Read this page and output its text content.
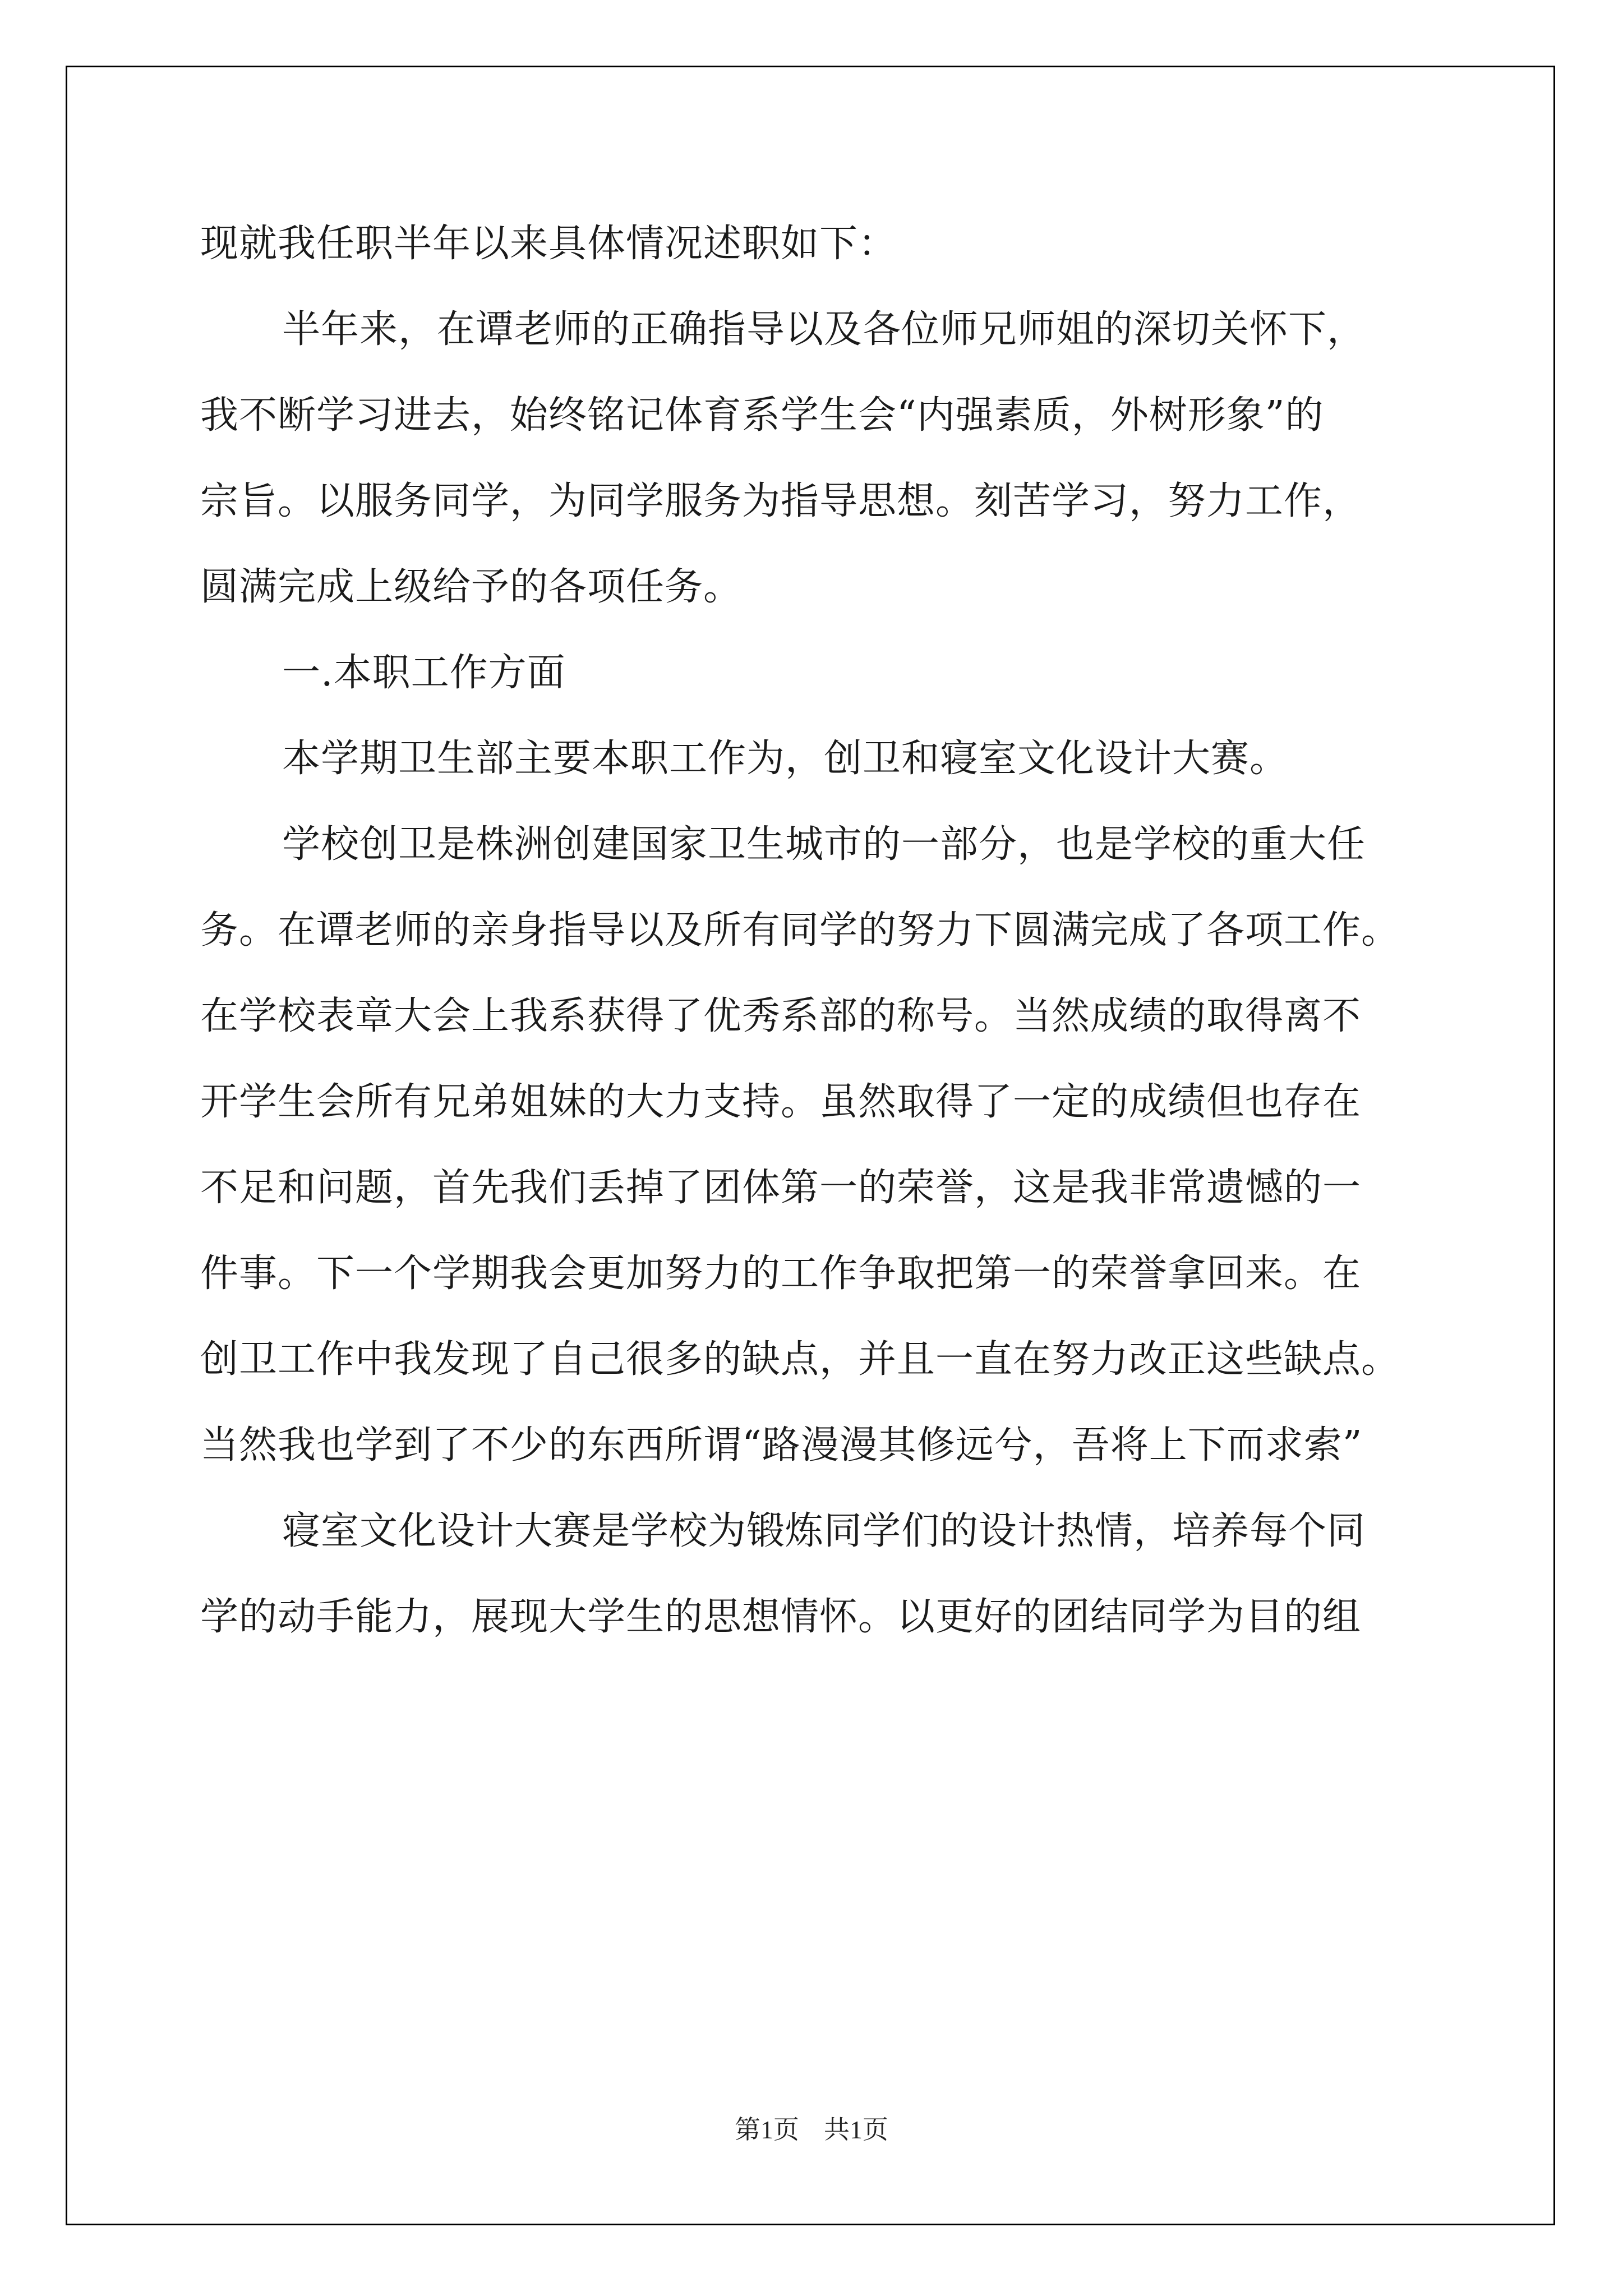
现就我任职半年以来具体情况述职如下：
半年来，在谭老师的正确指导以及各位师兄师姐的深切关怀下，
我不断学习进去，始终铭记体育系学生会“内强素质，外树形象”的
宗旨。以服务同学，为同学服务为指导思想。刻苦学习，努力工作，
圆满完成上级给予的各项任务。
一.本职工作方面
本学期卫生部主要本职工作为，创卫和寝室文化设计大赛。
学校创卫是株洲创建国家卫生城市的一部分，也是学校的重大任
务。在谭老师的亲身指导以及所有同学的努力下圆满完成了各项工作。
在学校表章大会上我系获得了优秀系部的称号。当然成绩的取得离不
开学生会所有兄弟姐妹的大力支持。虽然取得了一定的成绩但也存在
不足和问题，首先我们丢掉了团体第一的荣誉，这是我非常遗憾的一
件事。下一个学期我会更加努力的工作争取把第一的荣誉拿回来。在
创卫工作中我发现了自己很多的缺点，并且一直在努力改正这些缺点。
当然我也学到了不少的东西所谓“路漫漫其修远兮，吾将上下而求索”
寝室文化设计大赛是学校为锻炼同学们的设计热情，培养每个同
学的动手能力，展现大学生的思想情怀。以更好的团结同学为目的组
第1页 共1页
